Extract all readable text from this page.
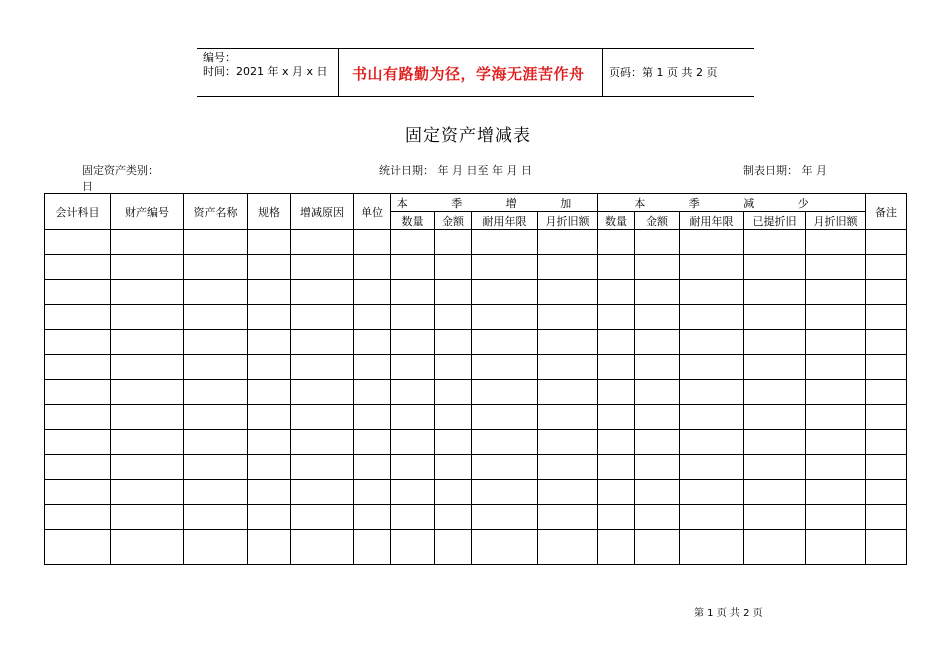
编号：
时间：2021 年 x 月 x 日 书山有路勤为径，学海无涯苦作舟 页码：第 1 页 共 2 页
固定资产增减表
固定资产类别：	统计日期： 年 月 日至 年 月 日	制表日期： 年 月
日
会计科目	财产编号	资产名称	规格	增减原因	单位	本 季 增 加				本 季 减 少					备注
						数量	金额	耐用年限	月折旧额	数量	金额	耐用年限	已提折旧	月折旧额	

第 1 页 共 2 页
